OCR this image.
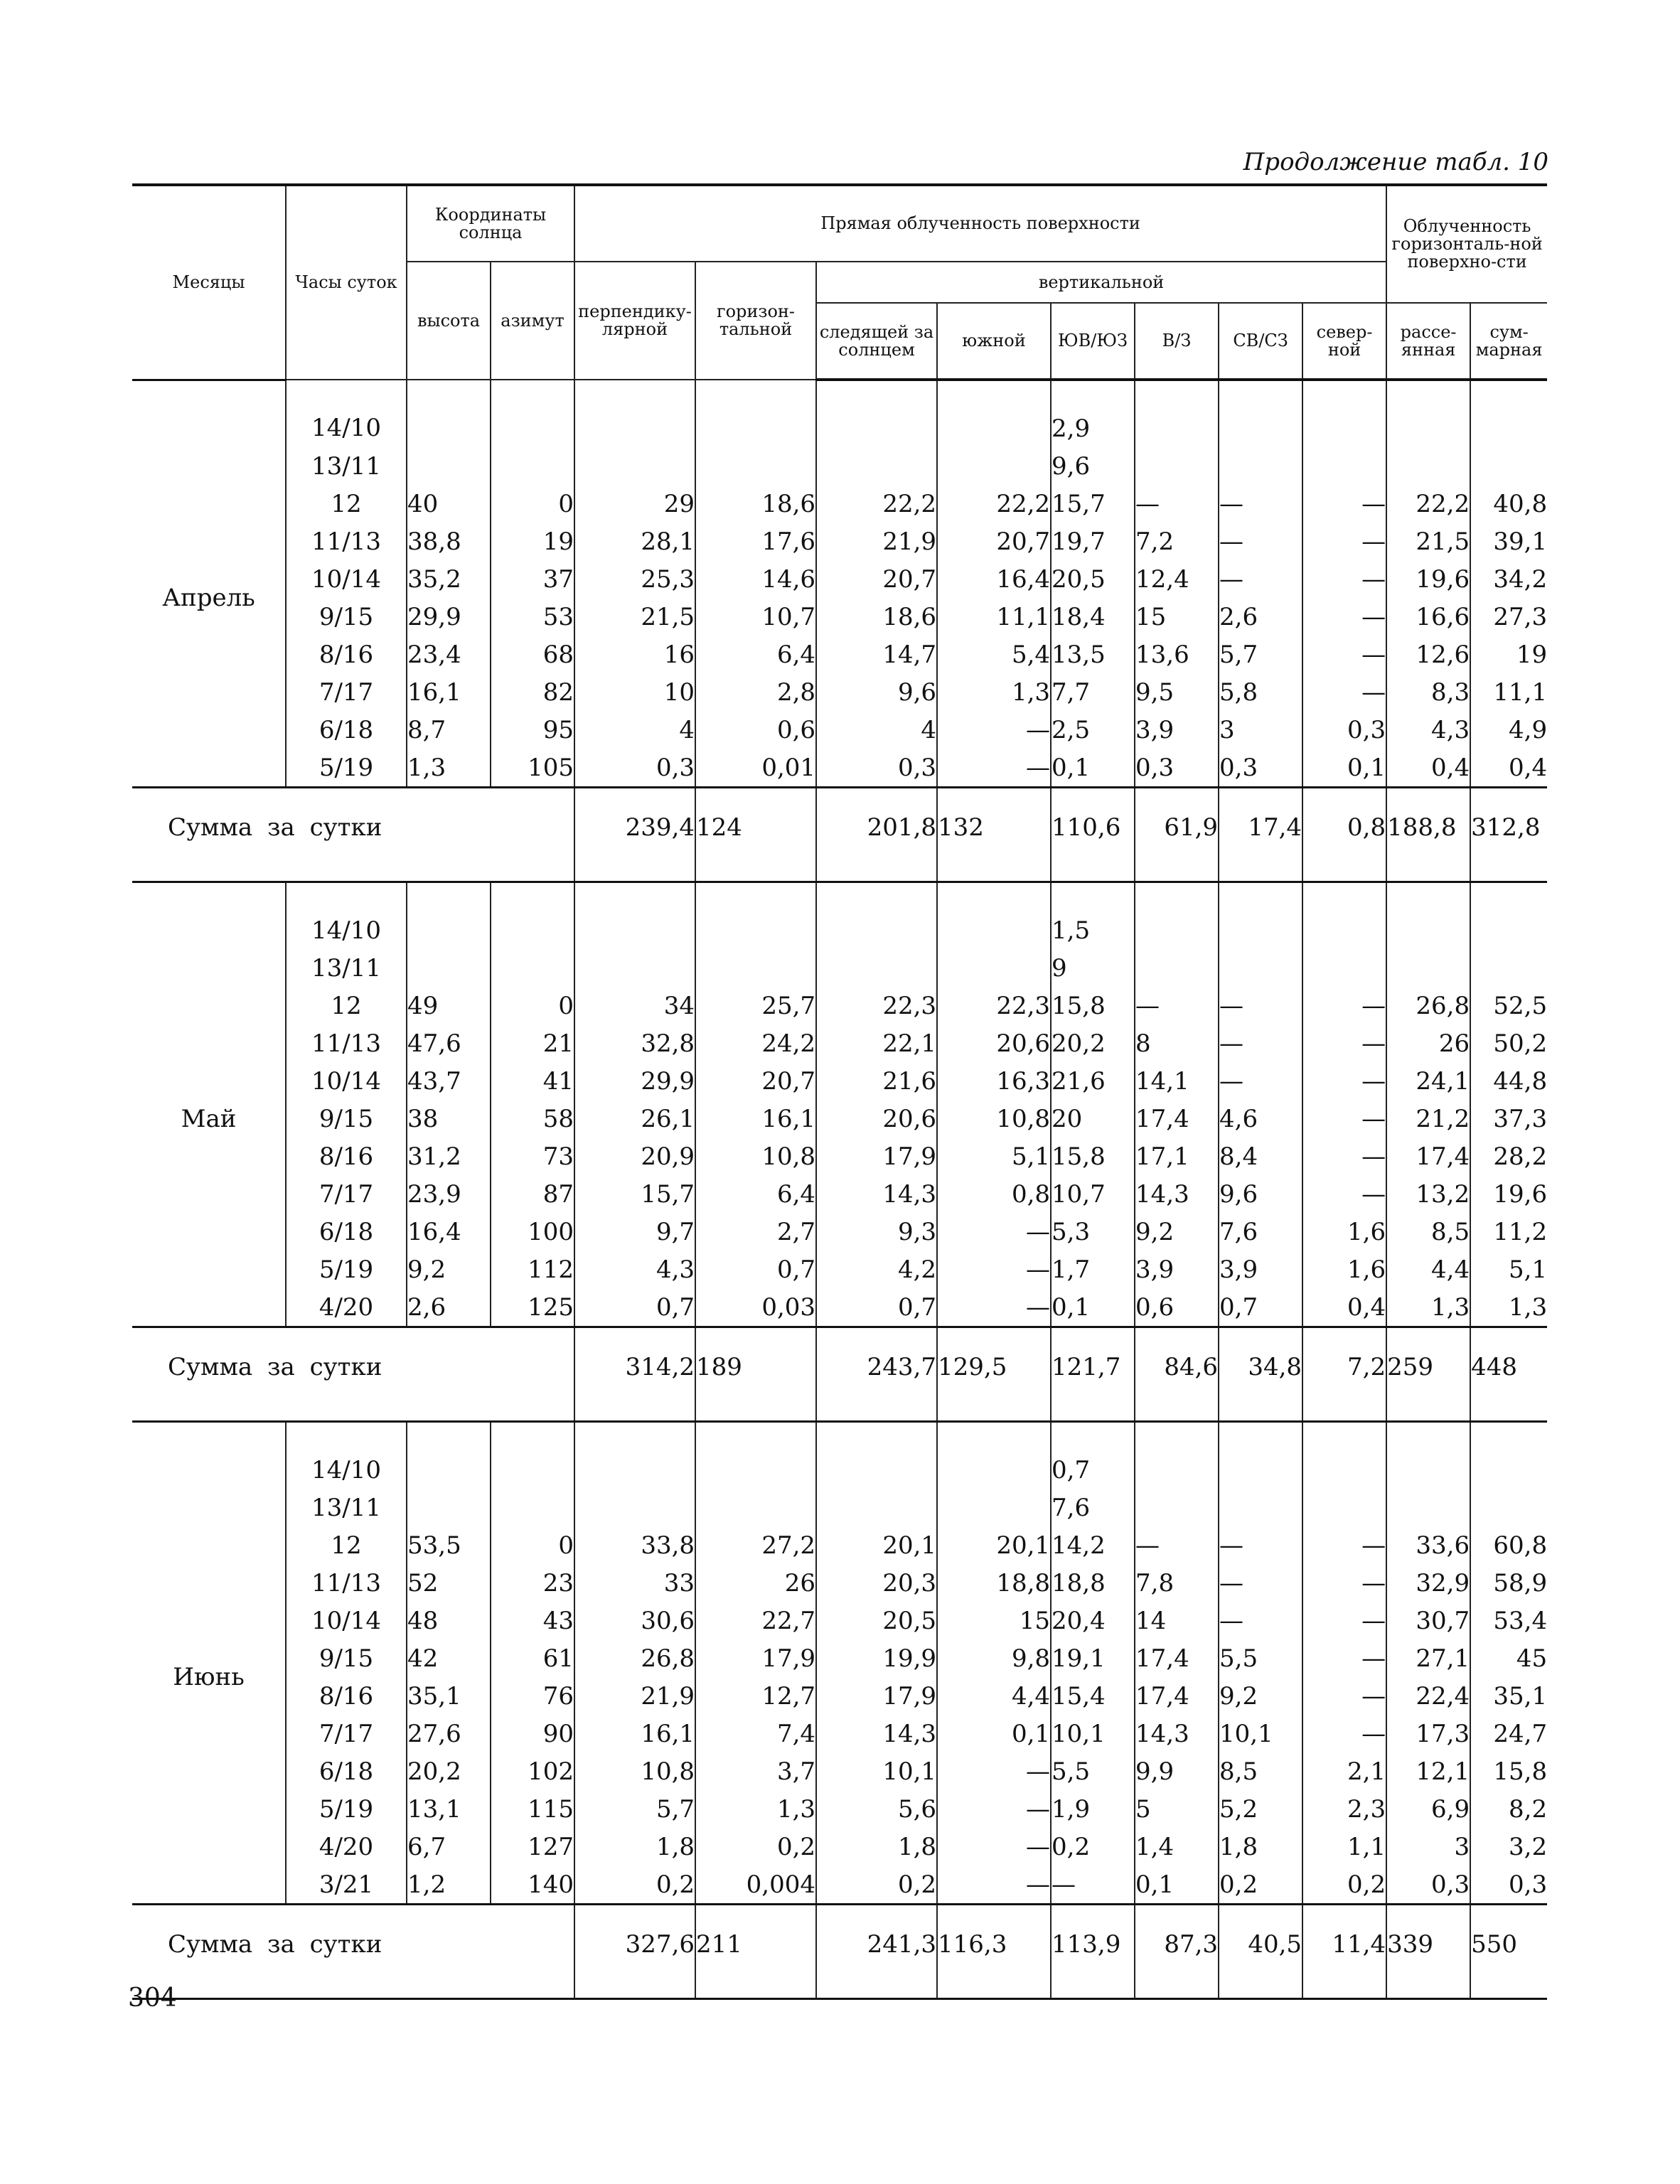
Продолжение табл. 10
Месяцы	Часы суток	Координаты солнца		Прямая облученность поверхности								Облученность горизонталь-ной поверхно-сти	
		высота	азимут	перпендику-лярной	горизон-тальной	вертикальной							
						следящей за солнцем	южной	ЮВ/ЮЗ	В/З	СВ/СЗ	север-ной	рассе-янная	сум-марная
Апрель	14/10							2,9					
	13/11							9,6					
	12	40	0	29	18,6	22,2	22,2	15,7	—	—	—	22,2	40,8
	11/13	38,8	19	28,1	17,6	21,9	20,7	19,7	7,2	—	—	21,5	39,1
	10/14	35,2	37	25,3	14,6	20,7	16,4	20,5	12,4	—	—	19,6	34,2
	9/15	29,9	53	21,5	10,7	18,6	11,1	18,4	15	2,6	—	16,6	27,3
	8/16	23,4	68	16	6,4	14,7	5,4	13,5	13,6	5,7	—	12,6	19
	7/17	16,1	82	10	2,8	9,6	1,3	7,7	9,5	5,8	—	8,3	11,1
	6/18	8,7	95	4	0,6	4	—	2,5	3,9	3	0,3	4,3	4,9
	5/19	1,3	105	0,3	0,01	0,3	—	0,1	0,3	0,3	0,1	0,4	0,4
Сумма за сутки				239,4	124	201,8	132	110,6	61,9	17,4	0,8	188,8	312,8
Май	14/10							1,5					
	13/11							9					
	12	49	0	34	25,7	22,3	22,3	15,8	—	—	—	26,8	52,5
	11/13	47,6	21	32,8	24,2	22,1	20,6	20,2	8	—	—	26	50,2
	10/14	43,7	41	29,9	20,7	21,6	16,3	21,6	14,1	—	—	24,1	44,8
	9/15	38	58	26,1	16,1	20,6	10,8	20	17,4	4,6	—	21,2	37,3
	8/16	31,2	73	20,9	10,8	17,9	5,1	15,8	17,1	8,4	—	17,4	28,2
	7/17	23,9	87	15,7	6,4	14,3	0,8	10,7	14,3	9,6	—	13,2	19,6
	6/18	16,4	100	9,7	2,7	9,3	—	5,3	9,2	7,6	1,6	8,5	11,2
	5/19	9,2	112	4,3	0,7	4,2	—	1,7	3,9	3,9	1,6	4,4	5,1
	4/20	2,6	125	0,7	0,03	0,7	—	0,1	0,6	0,7	0,4	1,3	1,3
Сумма за сутки				314,2	189	243,7	129,5	121,7	84,6	34,8	7,2	259	448
Июнь	14/10							0,7					
	13/11							7,6					
	12	53,5	0	33,8	27,2	20,1	20,1	14,2	—	—	—	33,6	60,8
	11/13	52	23	33	26	20,3	18,8	18,8	7,8	—	—	32,9	58,9
	10/14	48	43	30,6	22,7	20,5	15	20,4	14	—	—	30,7	53,4
	9/15	42	61	26,8	17,9	19,9	9,8	19,1	17,4	5,5	—	27,1	45
	8/16	35,1	76	21,9	12,7	17,9	4,4	15,4	17,4	9,2	—	22,4	35,1
	7/17	27,6	90	16,1	7,4	14,3	0,1	10,1	14,3	10,1	—	17,3	24,7
	6/18	20,2	102	10,8	3,7	10,1	—	5,5	9,9	8,5	2,1	12,1	15,8
	5/19	13,1	115	5,7	1,3	5,6	—	1,9	5	5,2	2,3	6,9	8,2
	4/20	6,7	127	1,8	0,2	1,8	—	0,2	1,4	1,8	1,1	3	3,2
	3/21	1,2	140	0,2	0,004	0,2	—	—	0,1	0,2	0,2	0,3	0,3
Сумма за сутки				327,6	211	241,3	116,3	113,9	87,3	40,5	11,4	339	550
304
